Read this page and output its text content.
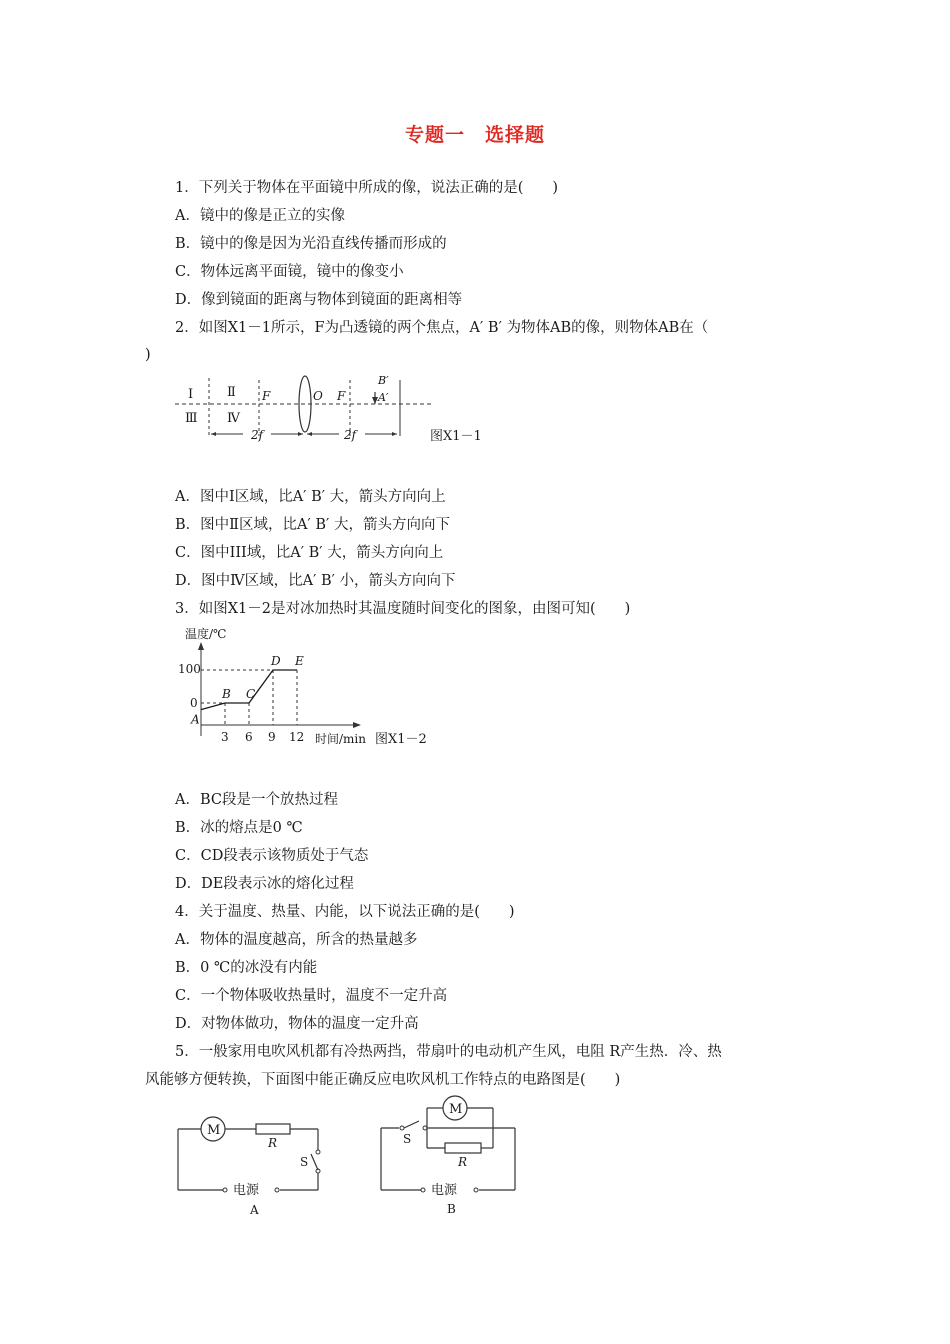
专题一　选择题
1．下列关于物体在平面镜中所成的像，说法正确的是(　　)
A．镜中的像是正立的实像
B．镜中的像是因为光沿直线传播而形成的
C．物体远离平面镜，镜中的像变小
D．像到镜面的距离与物体到镜面的距离相等
2．如图X1－1所示，F为凸透镜的两个焦点，A′ B′ 为物体AB的像，则物体AB在（
)
Ⅰ	Ⅱ
Ⅲ Ⅳ
F	O F
B′
A′
2f	2f	图X1－1
A．图中Ⅰ区域，比A′ B′ 大，箭头方向向上
B．图中Ⅱ区域，比A′ B′ 大，箭头方向向下
C．图中III域，比A′ B′ 大，箭头方向向上
D．图中Ⅳ区域，比A′ B′ 小，箭头方向向下
3．如图X1－2是对冰加热时其温度随时间变化的图象，由图可知(　　)
温度/℃
100
0
3 6 9 12 时间/min 图X1－2
A
B C
D E
A．BC段是一个放热过程
B．冰的熔点是0 ℃
C．CD段表示该物质处于气态
D．DE段表示冰的熔化过程
4．关于温度、热量、内能，以下说法正确的是(　　)
A．物体的温度越高，所含的热量越多
B．0 ℃的冰没有内能
C．一个物体吸收热量时，温度不一定升高
D．对物体做功，物体的温度一定升高
5．一般家用电吹风机都有冷热两挡，带扇叶的电动机产生风，电阻 R产生热．冷、热
风能够方便转换，下面图中能正确反应电吹风机工作特点的电路图是(　　)
M
R
S
电源
A
S
M
R
电源
B
